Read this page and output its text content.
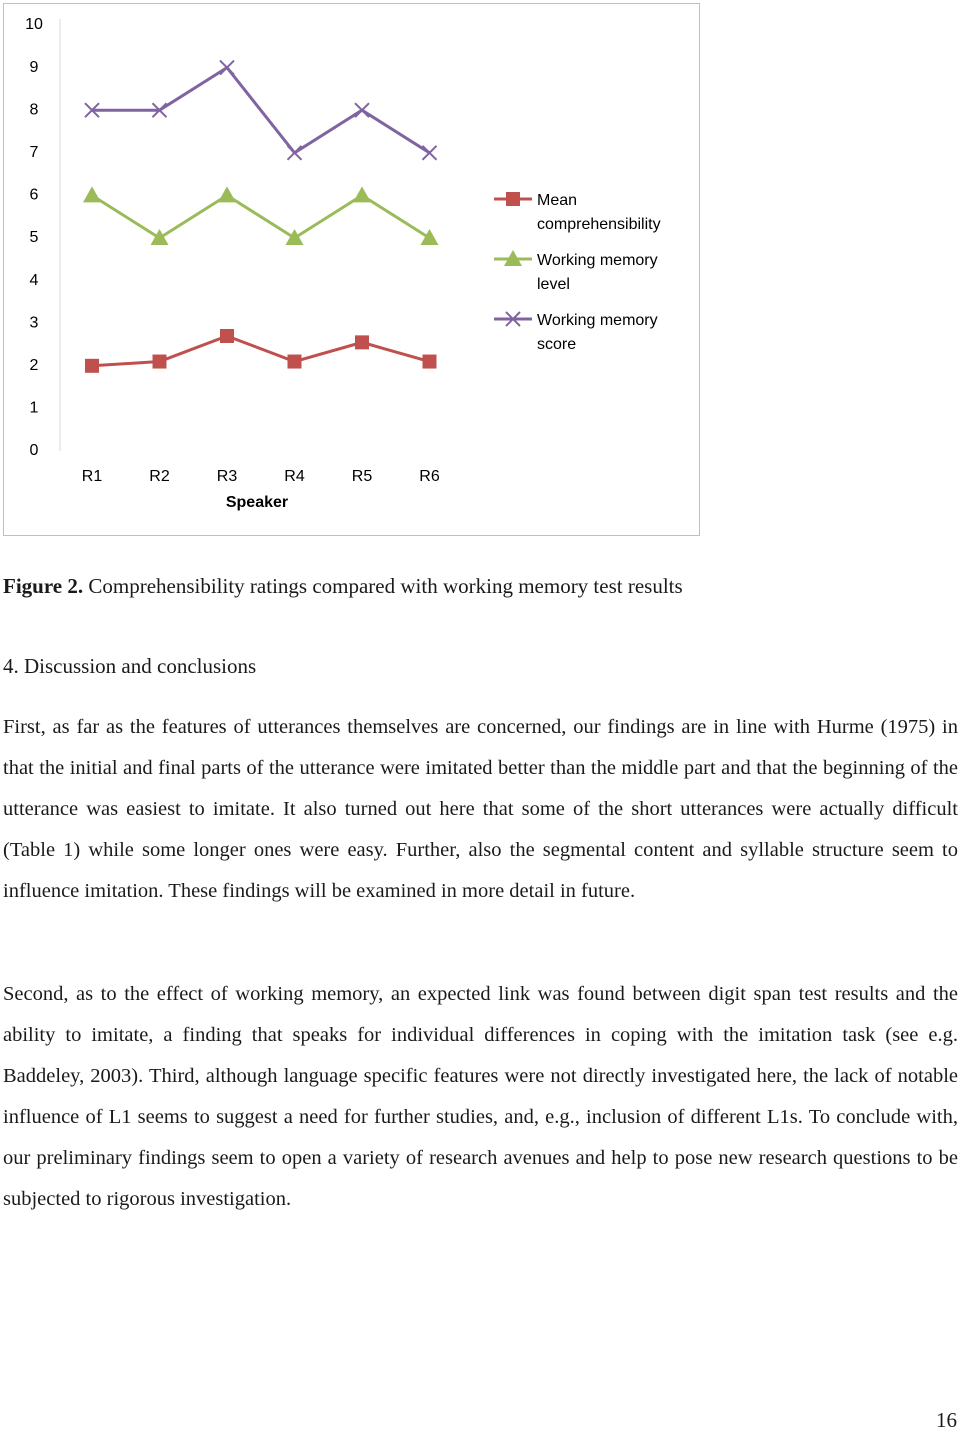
0
1
2
3
4
5
6
7
8
9
10
R1	R2	R3	R4	R5	R6
Speaker
Mean
comprehensibility
Working memory
level
Working memory
score
Figure 2. Comprehensibility ratings compared with working memory test results
4. Discussion and conclusions

First, as far as the features of utterances themselves are concerned, our findings are in line with Hurme (1975) in that the initial and final parts of the utterance were imitated better than the middle part and that the beginning of the utterance was easiest to imitate. It also turned out here that some of the short utterances were actually difficult (Table 1) while some longer ones were easy. Further, also the segmental content and syllable structure seem to influence imitation. These findings will be examined in more detail in future.

Second, as to the effect of working memory, an expected link was found between digit span test results and the ability to imitate, a finding that speaks for individual differences in coping with the imitation task (see e.g. Baddeley, 2003). Third, although language specific features were not directly investigated here, the lack of notable influence of L1 seems to suggest a need for further studies, and, e.g., inclusion of different L1s. To conclude with, our preliminary findings seem to open a variety of research avenues and help to pose new research questions to be subjected to rigorous investigation.

16
